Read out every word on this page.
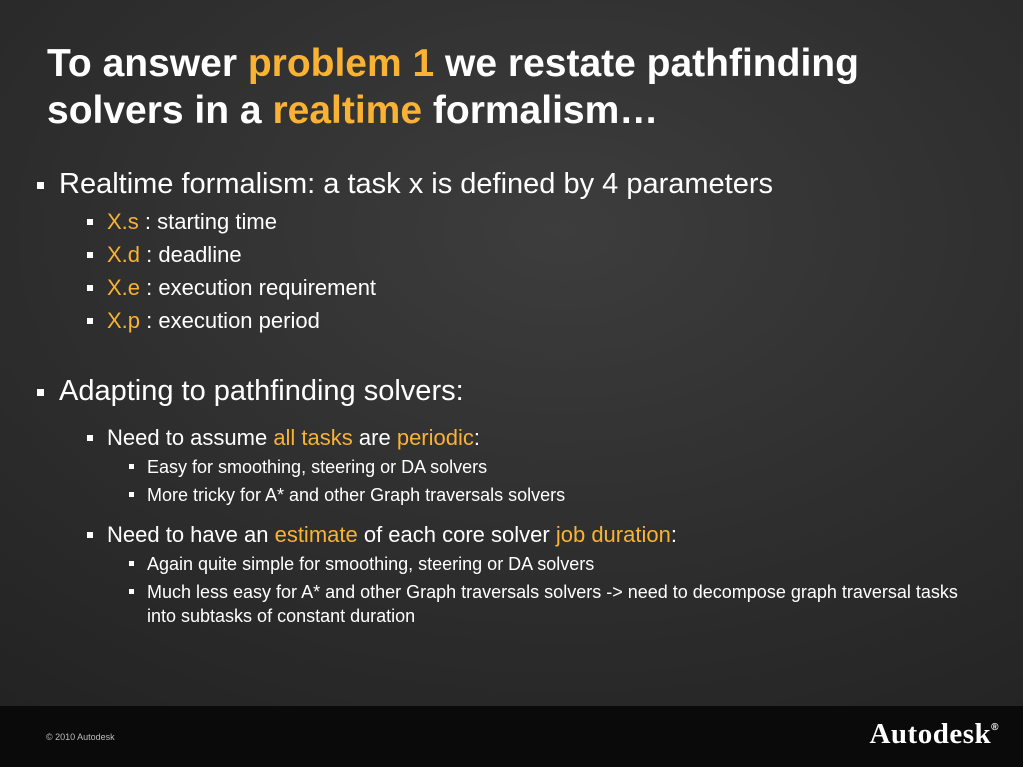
To answer problem 1 we restate pathfinding
solvers in a realtime formalism…
Realtime formalism: a task x is defined by 4 parameters
X.s : starting time
X.d : deadline
X.e : execution requirement
X.p : execution period
Adapting to pathfinding solvers:
Need to assume all tasks are periodic:
Easy for smoothing, steering or DA solvers
More tricky for A* and other Graph traversals solvers
Need to have an estimate of each core solver job duration:
Again quite simple for smoothing, steering or DA solvers
Much less easy for A* and other Graph traversals solvers -> need to decompose graph traversal tasks into subtasks of constant duration
© 2010 Autodesk	Autodesk®
